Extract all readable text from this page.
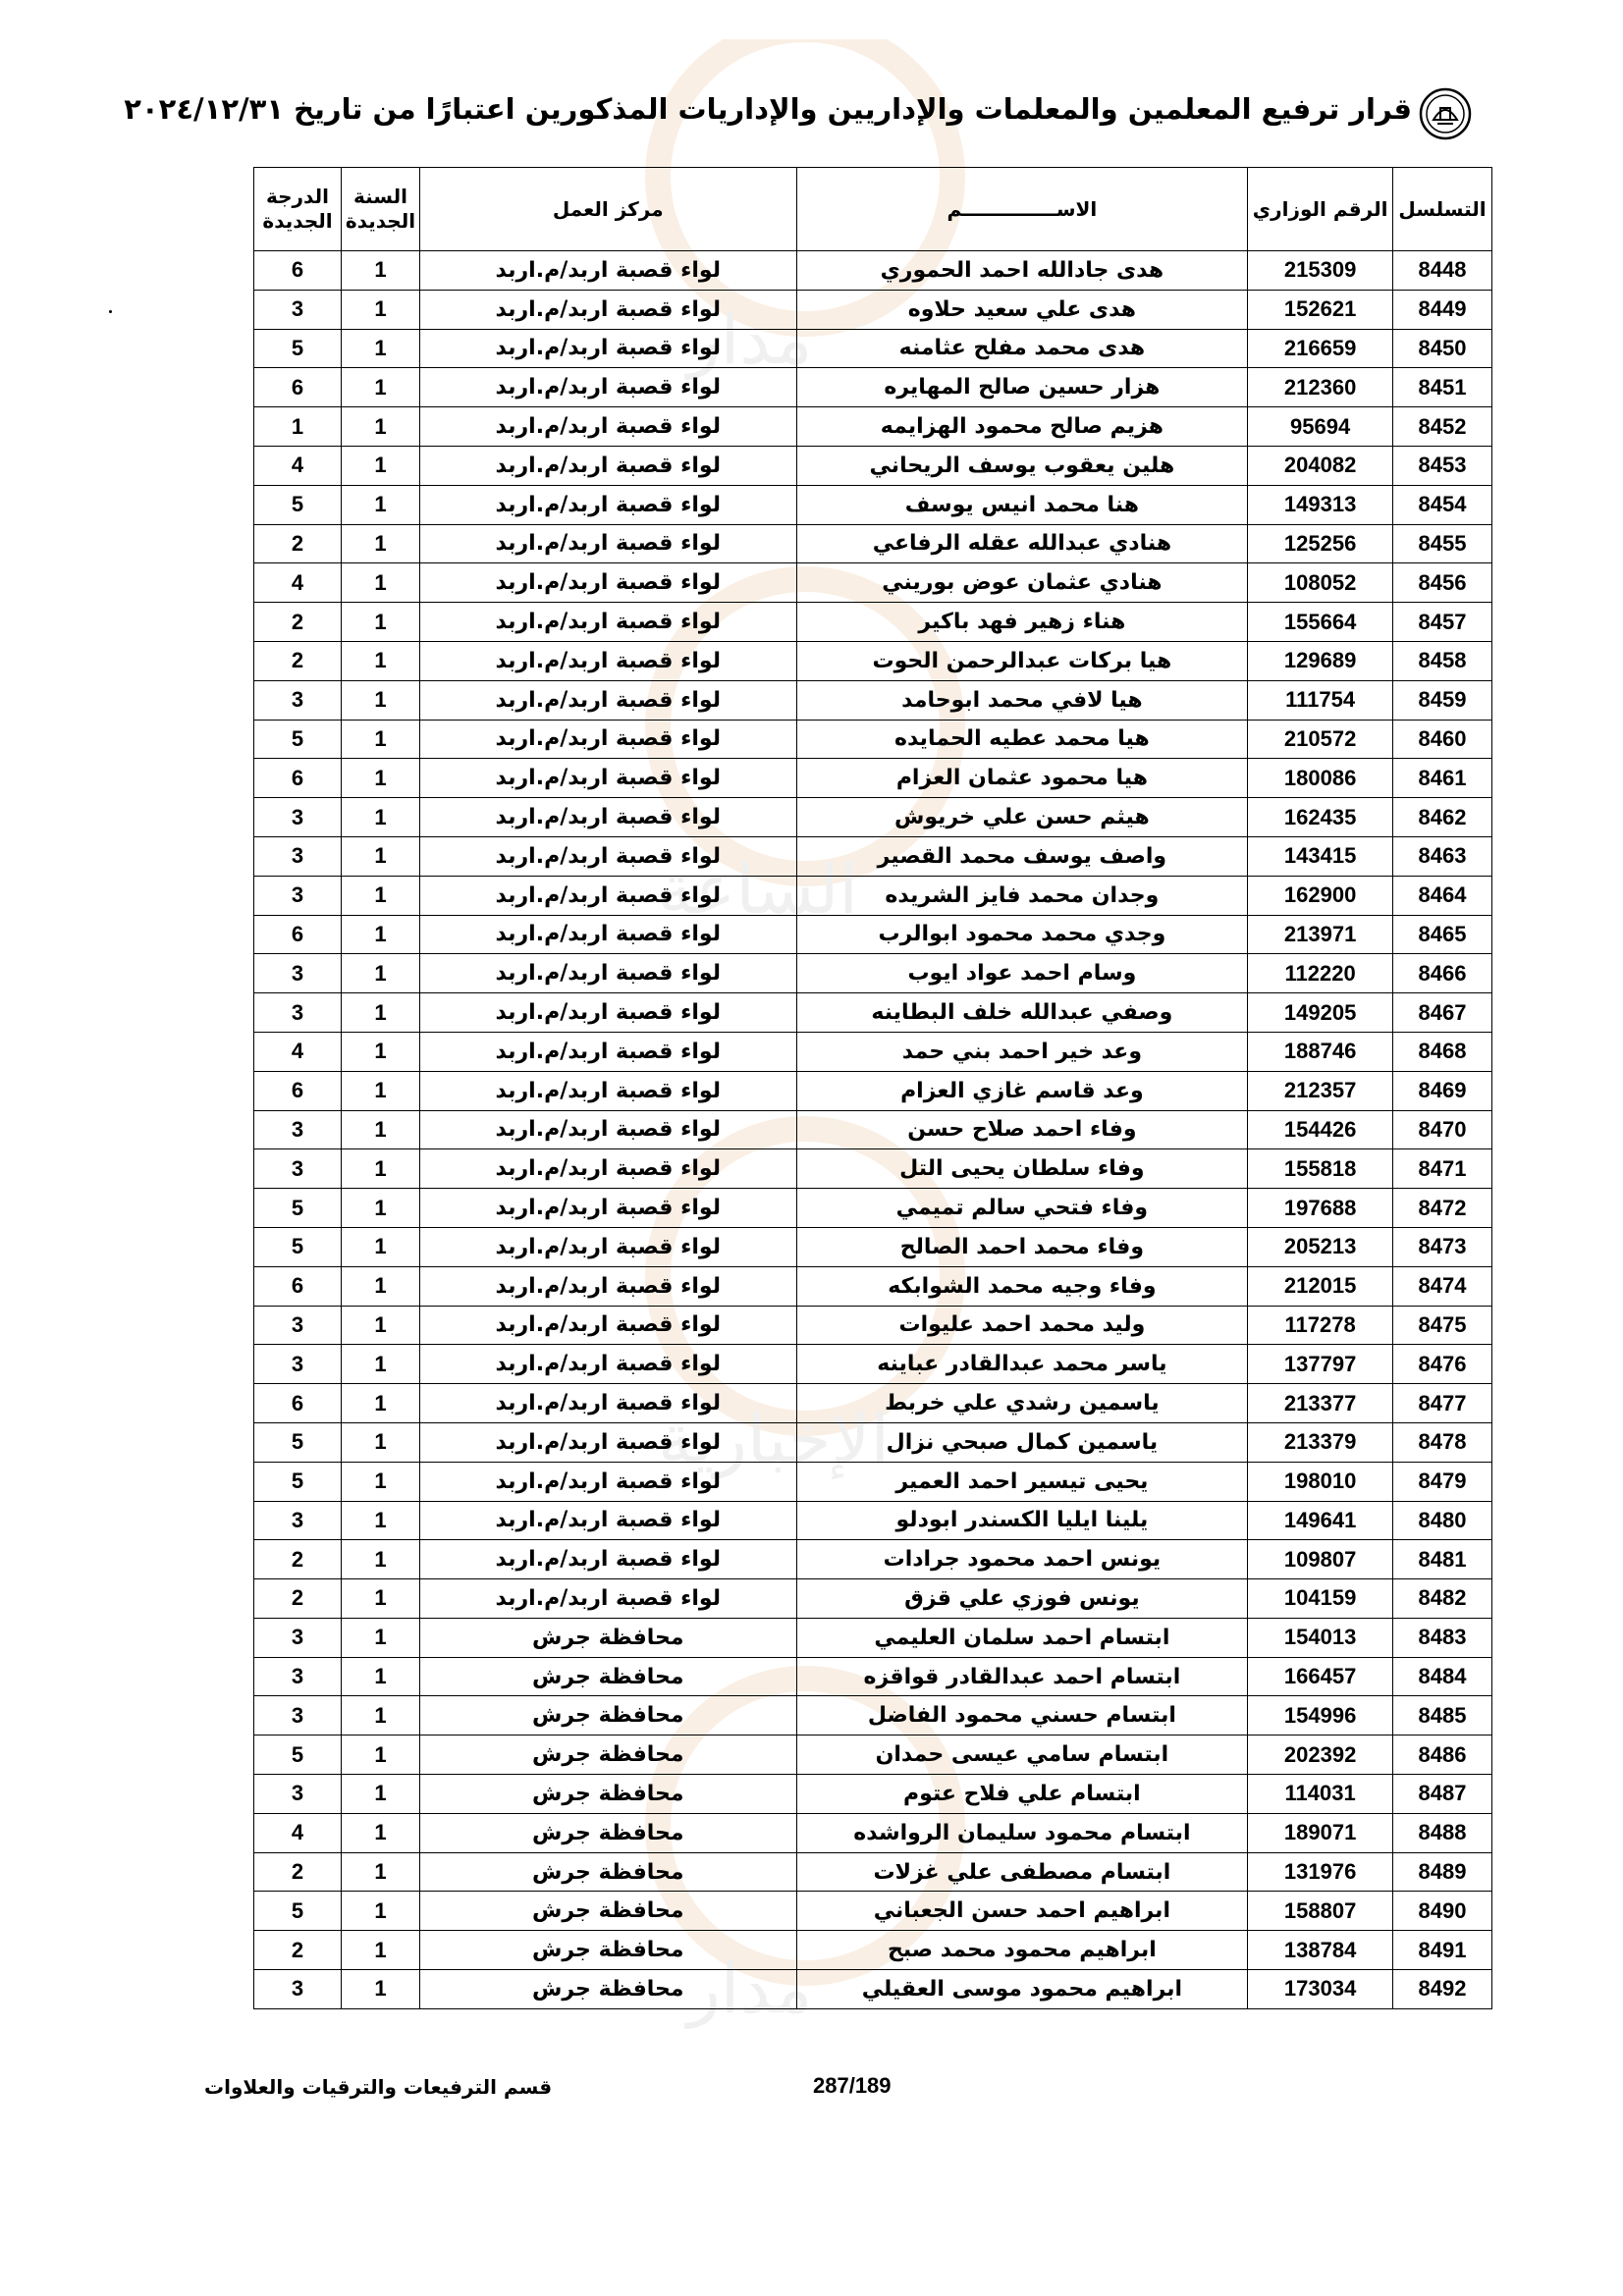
مدار
الساعة
الإخبارية
مدار
قرار ترفيع المعلمين والمعلمات والإداريين والإداريات المذكورين اعتبارًا من تاريخ ٢٠٢٤/١٢/٣١
التسلسل	الرقم الوزاري	الاســــــــــــــم	مركز العمل	السنة الجديدة	الدرجة الجديدة
8448	215309	هدى جادالله احمد الحموري	لواء قصبة اربد/م.اربد	1	6
8449	152621	هدى علي سعيد حلاوه	لواء قصبة اربد/م.اربد	1	3
8450	216659	هدى محمد مفلح عثامنه	لواء قصبة اربد/م.اربد	1	5
8451	212360	هزار حسين صالح المهايره	لواء قصبة اربد/م.اربد	1	6
8452	95694	هزيم صالح محمود الهزايمه	لواء قصبة اربد/م.اربد	1	1
8453	204082	هلين يعقوب يوسف الريحاني	لواء قصبة اربد/م.اربد	1	4
8454	149313	هنا محمد انيس يوسف	لواء قصبة اربد/م.اربد	1	5
8455	125256	هنادي عبدالله عقله الرفاعي	لواء قصبة اربد/م.اربد	1	2
8456	108052	هنادي عثمان عوض بوريني	لواء قصبة اربد/م.اربد	1	4
8457	155664	هناء زهير فهد باكير	لواء قصبة اربد/م.اربد	1	2
8458	129689	هيا بركات عبدالرحمن الحوت	لواء قصبة اربد/م.اربد	1	2
8459	111754	هيا لافي محمد ابوحامد	لواء قصبة اربد/م.اربد	1	3
8460	210572	هيا محمد عطيه الحمايده	لواء قصبة اربد/م.اربد	1	5
8461	180086	هيا محمود عثمان العزام	لواء قصبة اربد/م.اربد	1	6
8462	162435	هيثم حسن علي خريوش	لواء قصبة اربد/م.اربد	1	3
8463	143415	واصف يوسف محمد القصير	لواء قصبة اربد/م.اربد	1	3
8464	162900	وجدان محمد فايز الشريده	لواء قصبة اربد/م.اربد	1	3
8465	213971	وجدي محمد محمود ابوالرب	لواء قصبة اربد/م.اربد	1	6
8466	112220	وسام احمد عواد ايوب	لواء قصبة اربد/م.اربد	1	3
8467	149205	وصفي عبدالله خلف البطاينه	لواء قصبة اربد/م.اربد	1	3
8468	188746	وعد خير احمد بني حمد	لواء قصبة اربد/م.اربد	1	4
8469	212357	وعد قاسم غازي العزام	لواء قصبة اربد/م.اربد	1	6
8470	154426	وفاء احمد صلاح حسن	لواء قصبة اربد/م.اربد	1	3
8471	155818	وفاء سلطان يحيى التل	لواء قصبة اربد/م.اربد	1	3
8472	197688	وفاء فتحي سالم تميمي	لواء قصبة اربد/م.اربد	1	5
8473	205213	وفاء محمد احمد الصالح	لواء قصبة اربد/م.اربد	1	5
8474	212015	وفاء وجيه محمد الشوابكه	لواء قصبة اربد/م.اربد	1	6
8475	117278	وليد محمد احمد عليوات	لواء قصبة اربد/م.اربد	1	3
8476	137797	ياسر محمد عبدالقادر عباينه	لواء قصبة اربد/م.اربد	1	3
8477	213377	ياسمين رشدي علي خربط	لواء قصبة اربد/م.اربد	1	6
8478	213379	ياسمين كمال صبحي نزال	لواء قصبة اربد/م.اربد	1	5
8479	198010	يحيى تيسير احمد العمير	لواء قصبة اربد/م.اربد	1	5
8480	149641	يلينا ايليا الكسندر ابودلو	لواء قصبة اربد/م.اربد	1	3
8481	109807	يونس احمد محمود جرادات	لواء قصبة اربد/م.اربد	1	2
8482	104159	يونس فوزي علي قزق	لواء قصبة اربد/م.اربد	1	2
8483	154013	ابتسام احمد سلمان العليمي	محافظة جرش	1	3
8484	166457	ابتسام احمد عبدالقادر قواقزه	محافظة جرش	1	3
8485	154996	ابتسام حسني محمود الفاضل	محافظة جرش	1	3
8486	202392	ابتسام سامي عيسى حمدان	محافظة جرش	1	5
8487	114031	ابتسام علي فلاح عتوم	محافظة جرش	1	3
8488	189071	ابتسام محمود سليمان الرواشده	محافظة جرش	1	4
8489	131976	ابتسام مصطفى علي غزلات	محافظة جرش	1	2
8490	158807	ابراهيم احمد حسن الجعباني	محافظة جرش	1	5
8491	138784	ابراهيم محمود محمد صبح	محافظة جرش	1	2
8492	173034	ابراهيم محمود موسى العقيلي	محافظة جرش	1	3
287/189
قسم الترفيعات والترقيات والعلاوات
